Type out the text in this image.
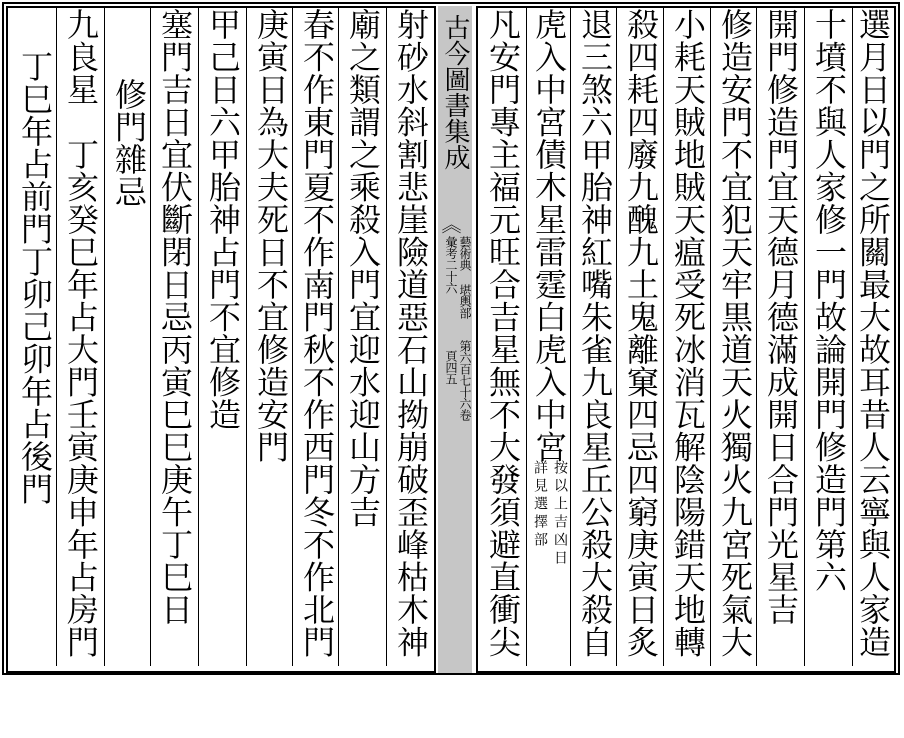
選月日以門之所關最大故耳昔人云寧與人家造
十墳不與人家修一門故論開門修造門第六
開門修造門宜天德月德滿成開日合門光星吉
修造安門不宜犯天牢黒道天火獨火九宮死氣大
小耗天賊地賊天瘟受死冰消瓦解陰陽錯天地轉
殺四耗四廢九醜九土鬼離窠四忌四窮庚寅日炙
退三煞六甲胎神紅嘴朱雀九良星丘公殺大殺自
虎入中宮債木星雷霆白虎入中宮
按以上吉凶日
詳見選擇部
凡安門專主福元旺合吉星無不大發須避直衝尖
古今圖書集成
《
藝術典 堪輿部
彙考二十六
第六百七十六卷
頁四五
射砂水斜割悲崖險道惡石山拗崩破歪峰枯木神
廟之類謂之乘殺入門宜迎水迎山方吉
春不作東門夏不作南門秋不作西門冬不作北門
庚寅日為大夫死日不宜修造安門
甲己日六甲胎神占門不宜修造
塞門吉日宜伏斷閉日忌丙寅巳巳庚午丁巳日
修門雜忌
九良星　丁亥癸巳年占大門壬寅庚申年占房門
丁巳年占前門丁卯己卯年占後門
